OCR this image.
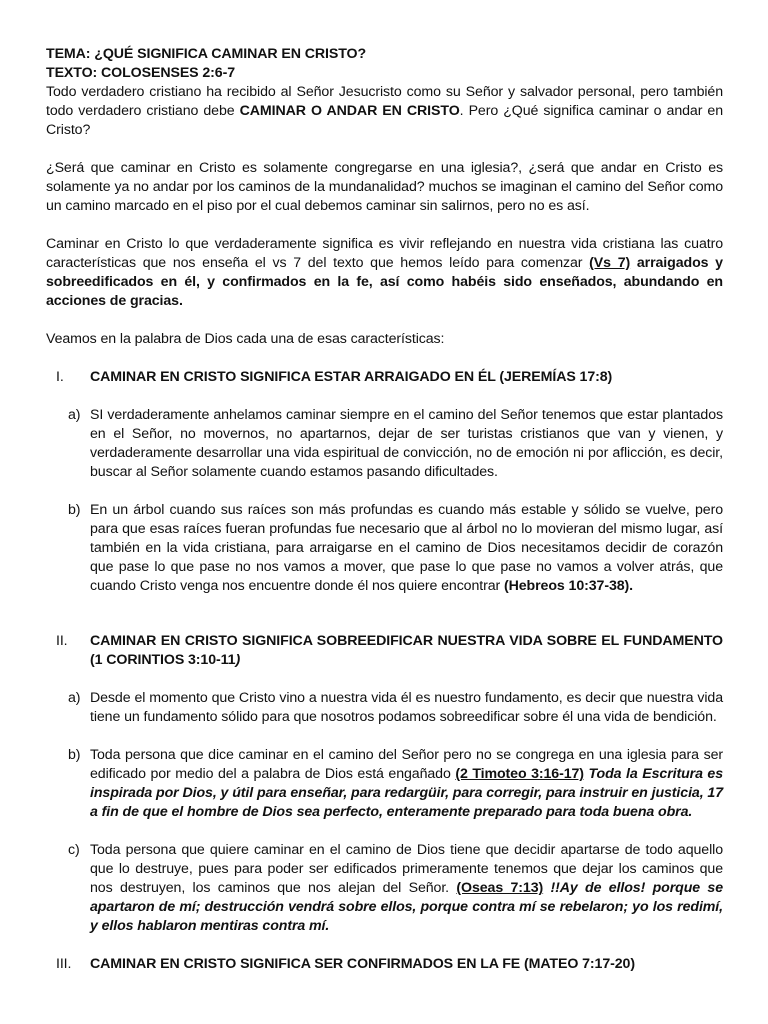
TEMA: ¿QUÉ SIGNIFICA CAMINAR EN CRISTO?

TEXTO: COLOSENSES 2:6-7

Todo verdadero cristiano ha recibido al Señor Jesucristo como su Señor y salvador personal, pero también todo verdadero cristiano debe CAMINAR O ANDAR EN CRISTO. Pero ¿Qué significa caminar o andar en Cristo?

¿Será que caminar en Cristo es solamente congregarse en una iglesia?, ¿será que andar en Cristo es solamente ya no andar por los caminos de la mundanalidad? muchos se imaginan el camino del Señor como un camino marcado en el piso por el cual debemos caminar sin salirnos, pero no es así.

Caminar en Cristo lo que verdaderamente significa es vivir reflejando en nuestra vida cristiana las cuatro características que nos enseña el vs 7 del texto que hemos leído para comenzar (Vs 7) arraigados y sobreedificados en él, y confirmados en la fe, así como habéis sido enseñados, abundando en acciones de gracias.

Veamos en la palabra de Dios cada una de esas características:

I. CAMINAR EN CRISTO SIGNIFICA ESTAR ARRAIGADO EN ÉL (JEREMÍAS 17:8)
a) SI verdaderamente anhelamos caminar siempre en el camino del Señor tenemos que estar plantados en el Señor, no movernos, no apartarnos, dejar de ser turistas cristianos que van y vienen, y verdaderamente desarrollar una vida espiritual de convicción, no de emoción ni por aflicción, es decir, buscar al Señor solamente cuando estamos pasando dificultades.
b) En un árbol cuando sus raíces son más profundas es cuando más estable y sólido se vuelve, pero para que esas raíces fueran profundas fue necesario que al árbol no lo movieran del mismo lugar, así también en la vida cristiana, para arraigarse en el camino de Dios necesitamos decidir de corazón que pase lo que pase no nos vamos a mover, que pase lo que pase no vamos a volver atrás, que cuando Cristo venga nos encuentre donde él nos quiere encontrar (Hebreos 10:37-38).
II. CAMINAR EN CRISTO SIGNIFICA SOBREEDIFICAR NUESTRA VIDA SOBRE EL FUNDAMENTO (1 CORINTIOS 3:10-11)
a) Desde el momento que Cristo vino a nuestra vida él es nuestro fundamento, es decir que nuestra vida tiene un fundamento sólido para que nosotros podamos sobreedificar sobre él una vida de bendición.
b) Toda persona que dice caminar en el camino del Señor pero no se congrega en una iglesia para ser edificado por medio del a palabra de Dios está engañado (2 Timoteo 3:16-17) Toda la Escritura es inspirada por Dios, y útil para enseñar, para redargüir, para corregir, para instruir en justicia, 17 a fin de que el hombre de Dios sea perfecto, enteramente preparado para toda buena obra.
c) Toda persona que quiere caminar en el camino de Dios tiene que decidir apartarse de todo aquello que lo destruye, pues para poder ser edificados primeramente tenemos que dejar los caminos que nos destruyen, los caminos que nos alejan del Señor. (Oseas 7:13) !!Ay de ellos! porque se apartaron de mí; destrucción vendrá sobre ellos, porque contra mí se rebelaron; yo los redimí, y ellos hablaron mentiras contra mí.
III. CAMINAR EN CRISTO SIGNIFICA SER CONFIRMADOS EN LA FE (MATEO 7:17-20)
